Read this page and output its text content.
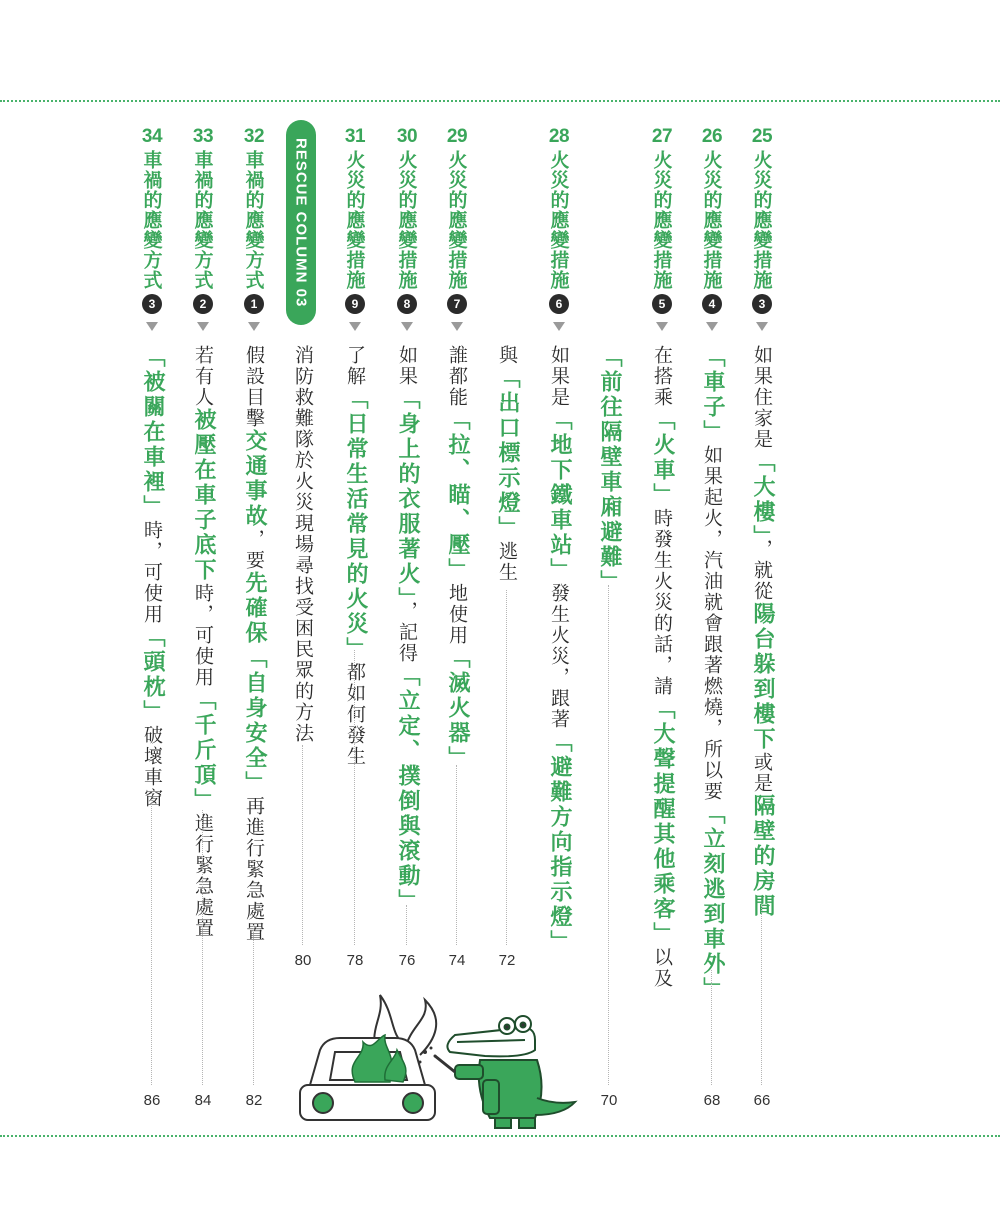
25
火災的應變措施
3
如果住家是「大樓」，就從陽台躲到樓下或是隔壁的房間
66
26
火災的應變措施
4
「車子」如果起火，汽油就會跟著燃燒，所以要「立刻逃到車外」
68
27
火災的應變措施
5
在搭乘「火車」時發生火災的話，請「大聲提醒其他乘客」以及
「前往隔壁車廂避難」
70
28
火災的應變措施
6
如果是「地下鐵車站」發生火災，跟著「避難方向指示燈」
與「出口標示燈」逃生
72
29
火災的應變措施
7
誰都能「拉、瞄、壓」地使用「滅火器」
74
30
火災的應變措施
8
如果「身上的衣服著火」，記得「立定、撲倒與滾動」
76
31
火災的應變措施
9
了解「日常生活常見的火災」都如何發生
78
消防救難隊於火災現場尋找受困民眾的方法
80
32
車禍的應變方式
1
假設目擊交通事故，要先確保「自身安全」再進行緊急處置
82
33
車禍的應變方式
2
若有人被壓在車子底下時，可使用「千斤頂」進行緊急處置
84
34
車禍的應變方式
3
「被關在車裡」時，可使用「頭枕」破壞車窗
86
RESCUE COLUMN 03
